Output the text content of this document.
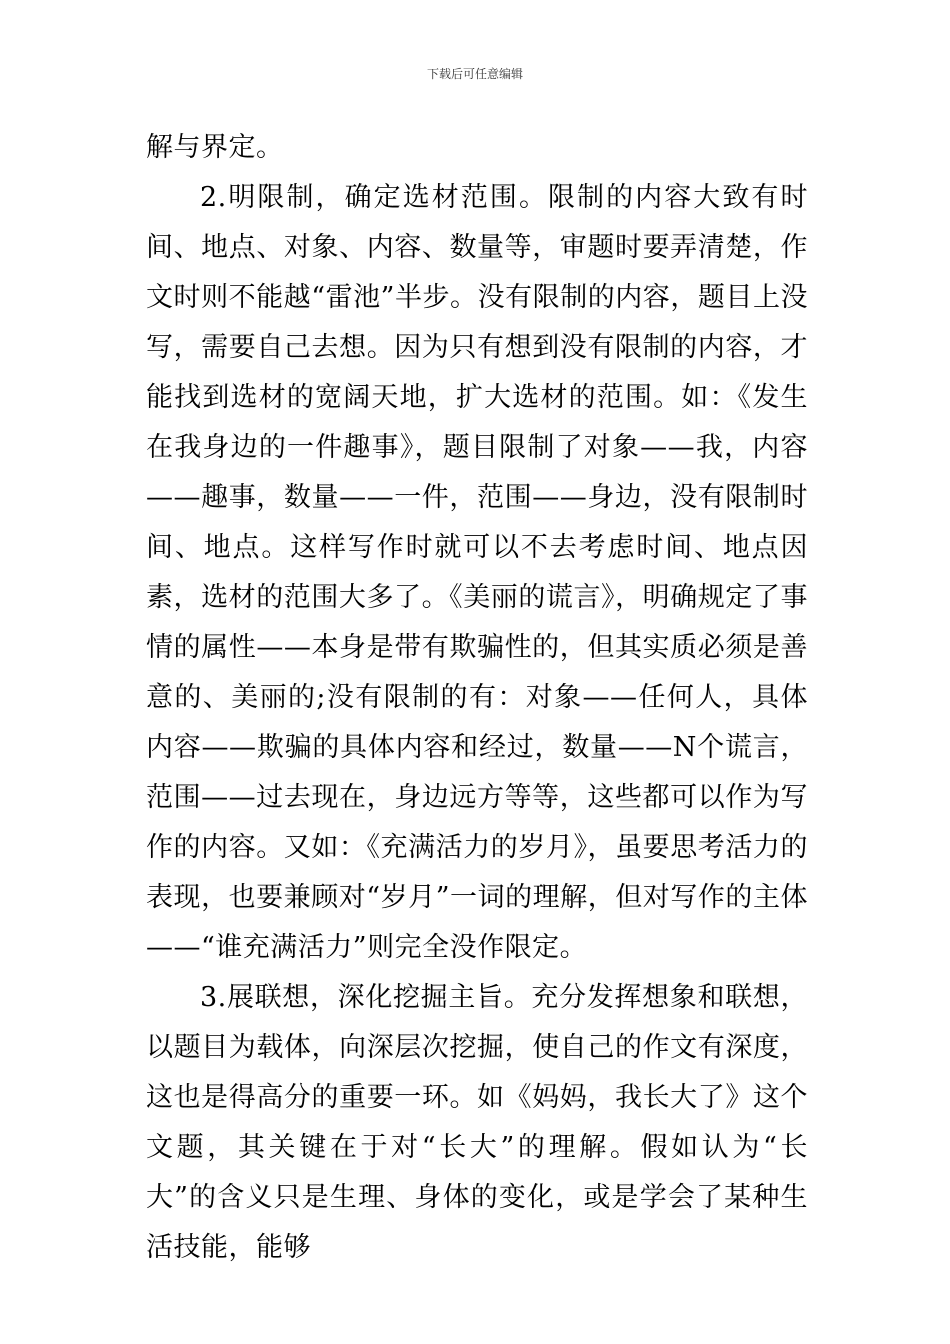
下载后可任意编辑

解与界定。

2.明限制，确定选材范围。限制的内容大致有时间、地点、对象、内容、数量等，审题时要弄清楚，作文时则不能越“雷池”半步。没有限制的内容，题目上没写，需要自己去想。因为只有想到没有限制的内容，才能找到选材的宽阔天地，扩大选材的范围。如：《发生在我身边的一件趣事》，题目限制了对象——我，内容——趣事，数量——一件，范围——身边，没有限制时间、地点。这样写作时就可以不去考虑时间、地点因素，选材的范围大多了。《美丽的谎言》，明确规定了事情的属性——本身是带有欺骗性的，但其实质必须是善意的、美丽的;没有限制的有：对象——任何人，具体内容——欺骗的具体内容和经过，数量——N个谎言，范围——过去现在，身边远方等等，这些都可以作为写作的内容。又如：《充满活力的岁月》，虽要思考活力的表现，也要兼顾对“岁月”一词的理解，但对写作的主体——“谁充满活力”则完全没作限定。

3.展联想，深化挖掘主旨。充分发挥想象和联想，以题目为载体，向深层次挖掘，使自己的作文有深度，这也是得高分的重要一环。如《妈妈，我长大了》这个文题，其关键在于对“长大”的理解。假如认为“长大”的含义只是生理、身体的变化，或是学会了某种生活技能，能够
